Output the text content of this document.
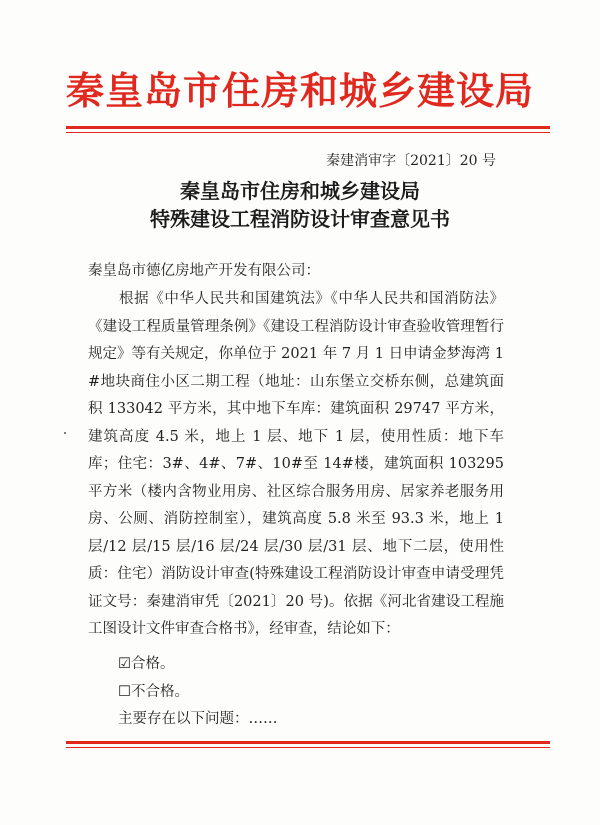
秦皇岛市住房和城乡建设局
秦建消审字〔2021〕20 号
秦皇岛市住房和城乡建设局
特殊建设工程消防设计审查意见书
秦皇岛市德亿房地产开发有限公司：
根据《中华人民共和国建筑法》《中华人民共和国消防法》《建设工程质量管理条例》《建设工程消防设计审查验收管理暂行规定》等有关规定，你单位于 2021 年 7 月 1 日申请金梦海湾 1#地块商住小区二期工程（地址：山东堡立交桥东侧，总建筑面积 133042 平方米，其中地下车库：建筑面积 29747 平方米，建筑高度 4.5 米，地上 1 层、地下 1 层，使用性质：地下车库；住宅：3#、4#、7#、10#至 14#楼，建筑面积 103295 平方米（楼内含物业用房、社区综合服务用房、居家养老服务用房、公厕、消防控制室），建筑高度 5.8 米至 93.3 米，地上 1 层/12 层/15 层/16 层/24 层/30 层/31 层、地下二层，使用性质：住宅）消防设计审查(特殊建设工程消防设计审查申请受理凭证文号：秦建消审凭〔2021〕20 号)。依据《河北省建设工程施工图设计文件审查合格书》，经审查，结论如下：
☑合格。
☐不合格。
主要存在以下问题：……
